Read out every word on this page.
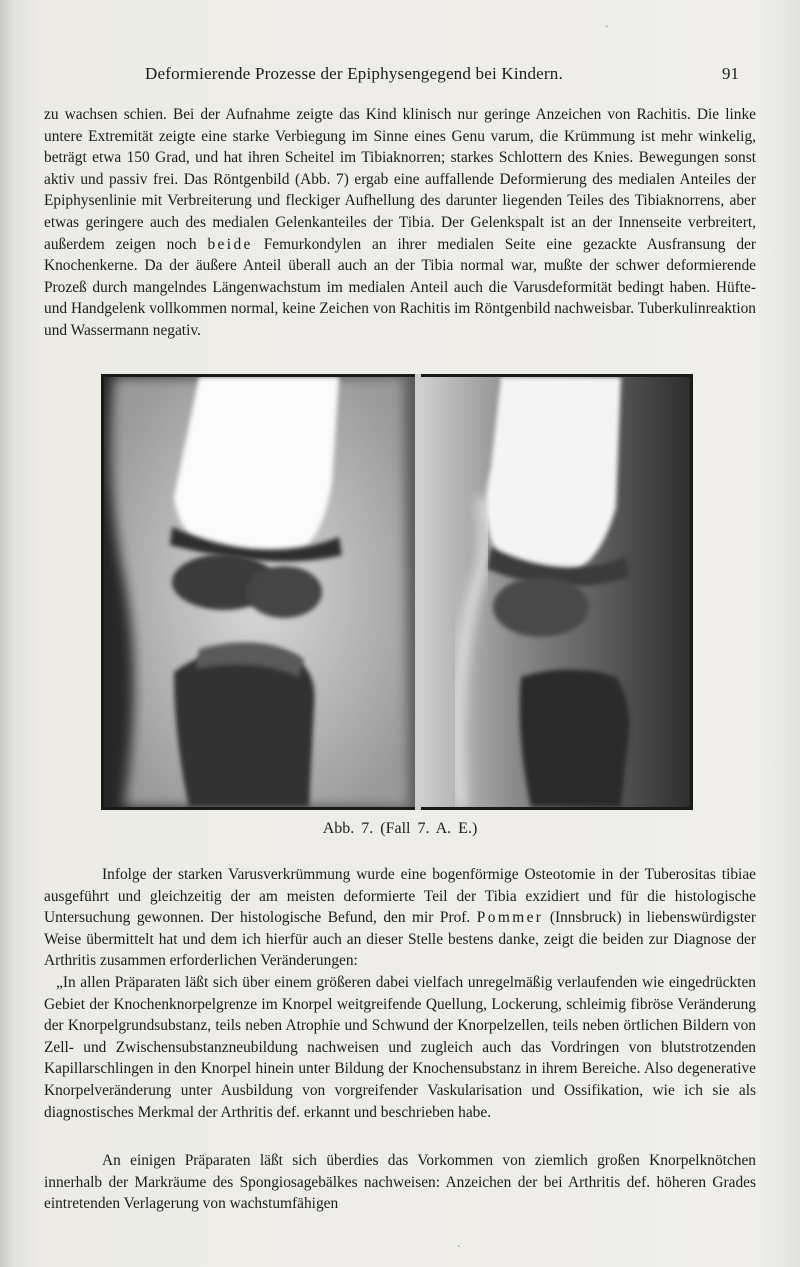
Deformierende Prozesse der Epiphysengegend bei Kindern.	91

zu wachsen schien. Bei der Aufnahme zeigte das Kind klinisch nur geringe Anzeichen von Rachitis. Die linke untere Extremität zeigte eine starke Verbiegung im Sinne eines Genu varum, die Krümmung ist mehr winkelig, beträgt etwa 150 Grad, und hat ihren Scheitel im Tibiaknorren; starkes Schlottern des Knies. Bewegungen sonst aktiv und passiv frei. Das Röntgenbild (Abb. 7) ergab eine auffallende Deformierung des medialen Anteiles der Epiphysenlinie mit Verbreiterung und fleckiger Aufhellung des darunter liegenden Teiles des Tibiaknorrens, aber etwas geringere auch des medialen Gelenkanteiles der Tibia. Der Gelenkspalt ist an der Innenseite verbreitert, außerdem zeigen noch beide Femurkondylen an ihrer medialen Seite eine gezackte Ausfransung der Knochenkerne. Da der äußere Anteil überall auch an der Tibia normal war, mußte der schwer deformierende Prozeß durch mangelndes Längenwachstum im medialen Anteil auch die Varusdeformität bedingt haben. Hüfte- und Handgelenk vollkommen normal, keine Zeichen von Rachitis im Röntgenbild nachweisbar. Tuberkulinreaktion und Wassermann negativ.

Abb. 7. (Fall 7. A. E.)

Infolge der starken Varusverkrümmung wurde eine bogenförmige Osteotomie in der Tuberositas tibiae ausgeführt und gleichzeitig der am meisten deformierte Teil der Tibia exzidiert und für die histologische Untersuchung gewonnen. Der histologische Befund, den mir Prof. Pommer (Innsbruck) in liebenswürdigster Weise übermittelt hat und dem ich hierfür auch an dieser Stelle bestens danke, zeigt die beiden zur Diagnose der Arthritis zusammen erforderlichen Veränderungen:

„In allen Präparaten läßt sich über einem größeren dabei vielfach unregelmäßig verlaufenden wie eingedrückten Gebiet der Knochenknorpelgrenze im Knorpel weitgreifende Quellung, Lockerung, schleimig fibröse Veränderung der Knorpelgrundsubstanz, teils neben Atrophie und Schwund der Knorpelzellen, teils neben örtlichen Bildern von Zell- und Zwischensubstanzneubildung nachweisen und zugleich auch das Vordringen von blutstrotzenden Kapillarschlingen in den Knorpel hinein unter Bildung der Knochensubstanz in ihrem Bereiche. Also degenerative Knorpelveränderung unter Ausbildung von vorgreifender Vaskularisation und Ossifikation, wie ich sie als diagnostisches Merkmal der Arthritis def. erkannt und beschrieben habe.

An einigen Präparaten läßt sich überdies das Vorkommen von ziemlich großen Knorpelknötchen innerhalb der Markräume des Spongiosagebälkes nachweisen: Anzeichen der bei Arthritis def. höheren Grades eintretenden Verlagerung von wachstumfähigen

·
·
